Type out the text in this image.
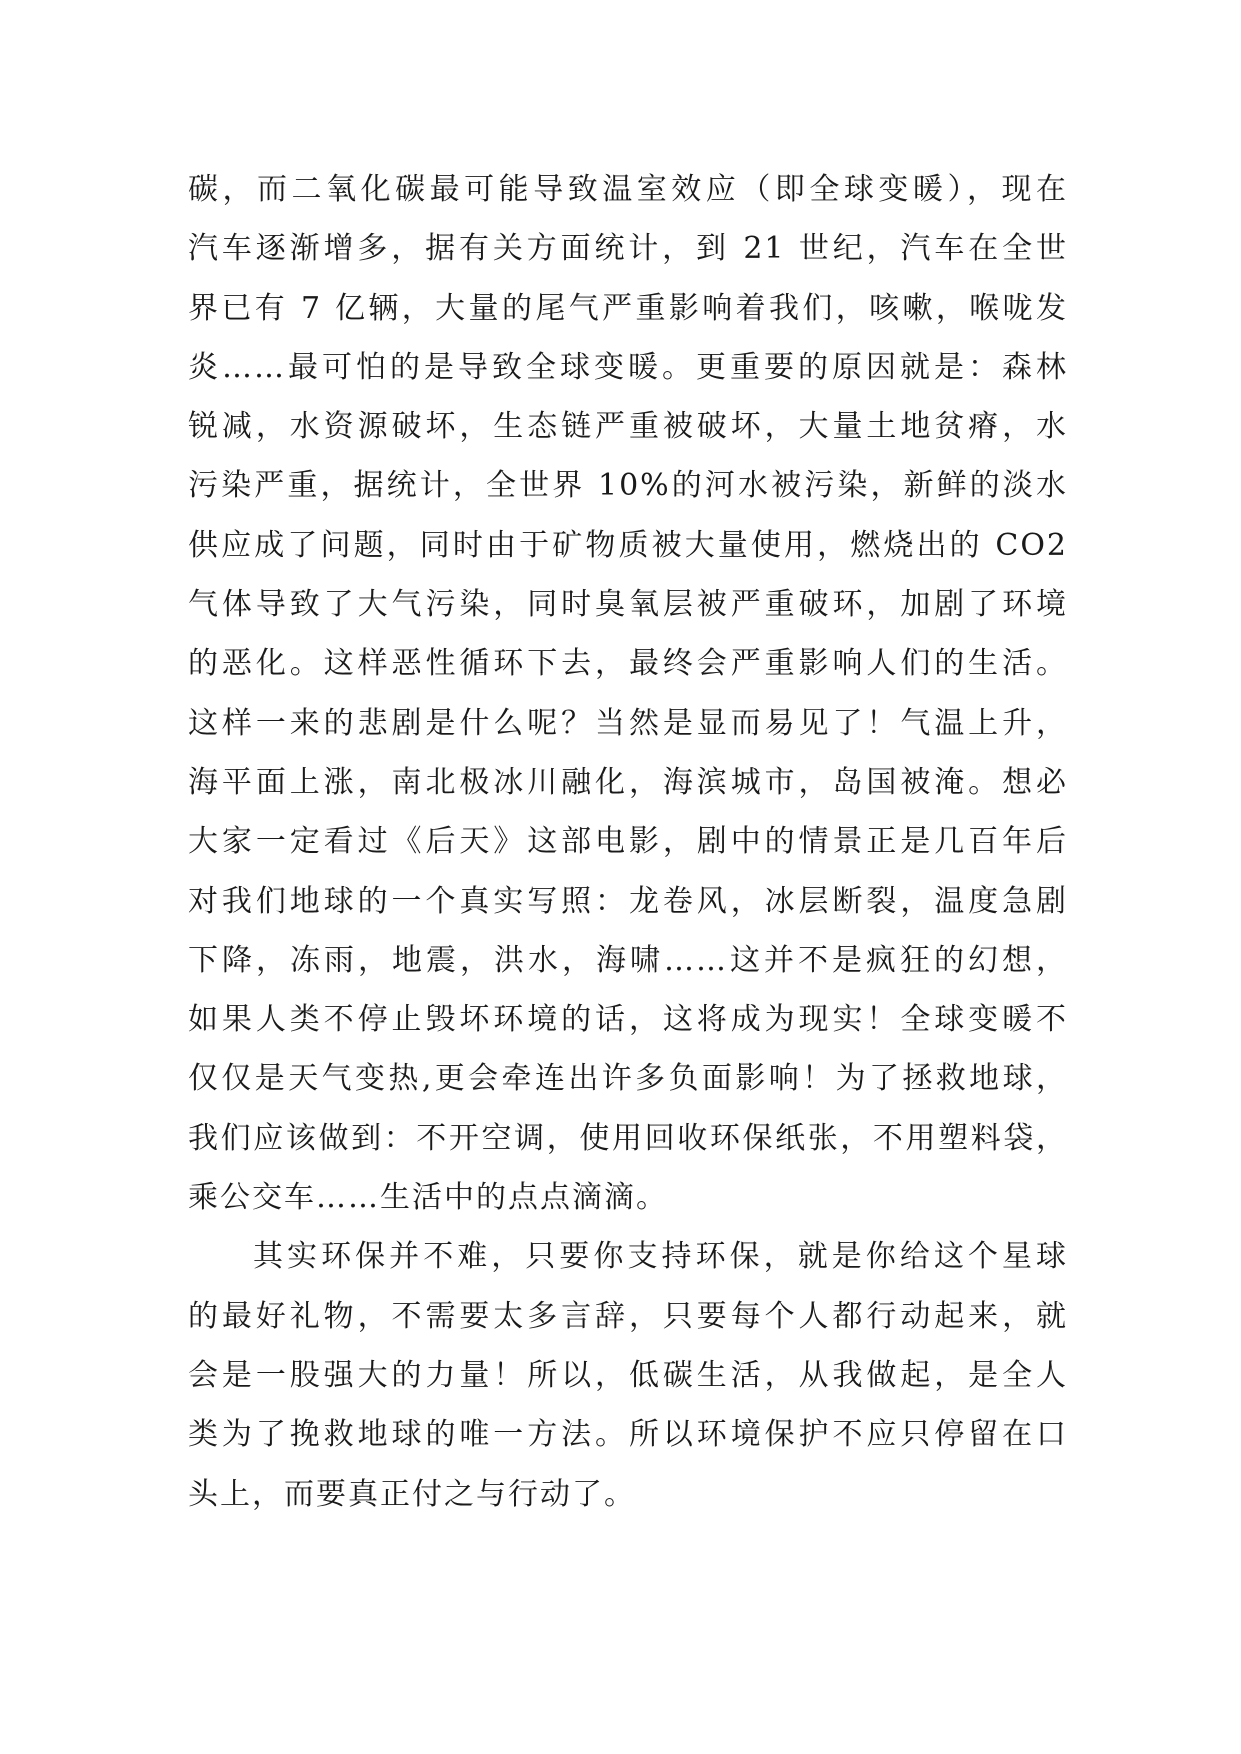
碳，而二氧化碳最可能导致温室效应（即全球变暖），现在
汽车逐渐增多，据有关方面统计，到 21 世纪，汽车在全世
界已有 7 亿辆，大量的尾气严重影响着我们，咳嗽，喉咙发
炎……最可怕的是导致全球变暖。更重要的原因就是：森林
锐减，水资源破坏，生态链严重被破坏，大量土地贫瘠，水
污染严重，据统计，全世界 10%的河水被污染，新鲜的淡水
供应成了问题，同时由于矿物质被大量使用，燃烧出的 CO2
气体导致了大气污染，同时臭氧层被严重破环，加剧了环境
的恶化。这样恶性循环下去，最终会严重影响人们的生活。
这样一来的悲剧是什么呢？当然是显而易见了！气温上升，
海平面上涨，南北极冰川融化，海滨城市，岛国被淹。想必
大家一定看过《后天》这部电影，剧中的情景正是几百年后
对我们地球的一个真实写照：龙卷风，冰层断裂，温度急剧
下降，冻雨，地震，洪水，海啸……这并不是疯狂的幻想，
如果人类不停止毁坏环境的话，这将成为现实！全球变暖不
仅仅是天气变热,更会牵连出许多负面影响！为了拯救地球，
我们应该做到：不开空调，使用回收环保纸张，不用塑料袋，
乘公交车……生活中的点点滴滴。
其实环保并不难，只要你支持环保，就是你给这个星球
的最好礼物，不需要太多言辞，只要每个人都行动起来，就
会是一股强大的力量！所以，低碳生活，从我做起，是全人
类为了挽救地球的唯一方法。所以环境保护不应只停留在口
头上，而要真正付之与行动了。
